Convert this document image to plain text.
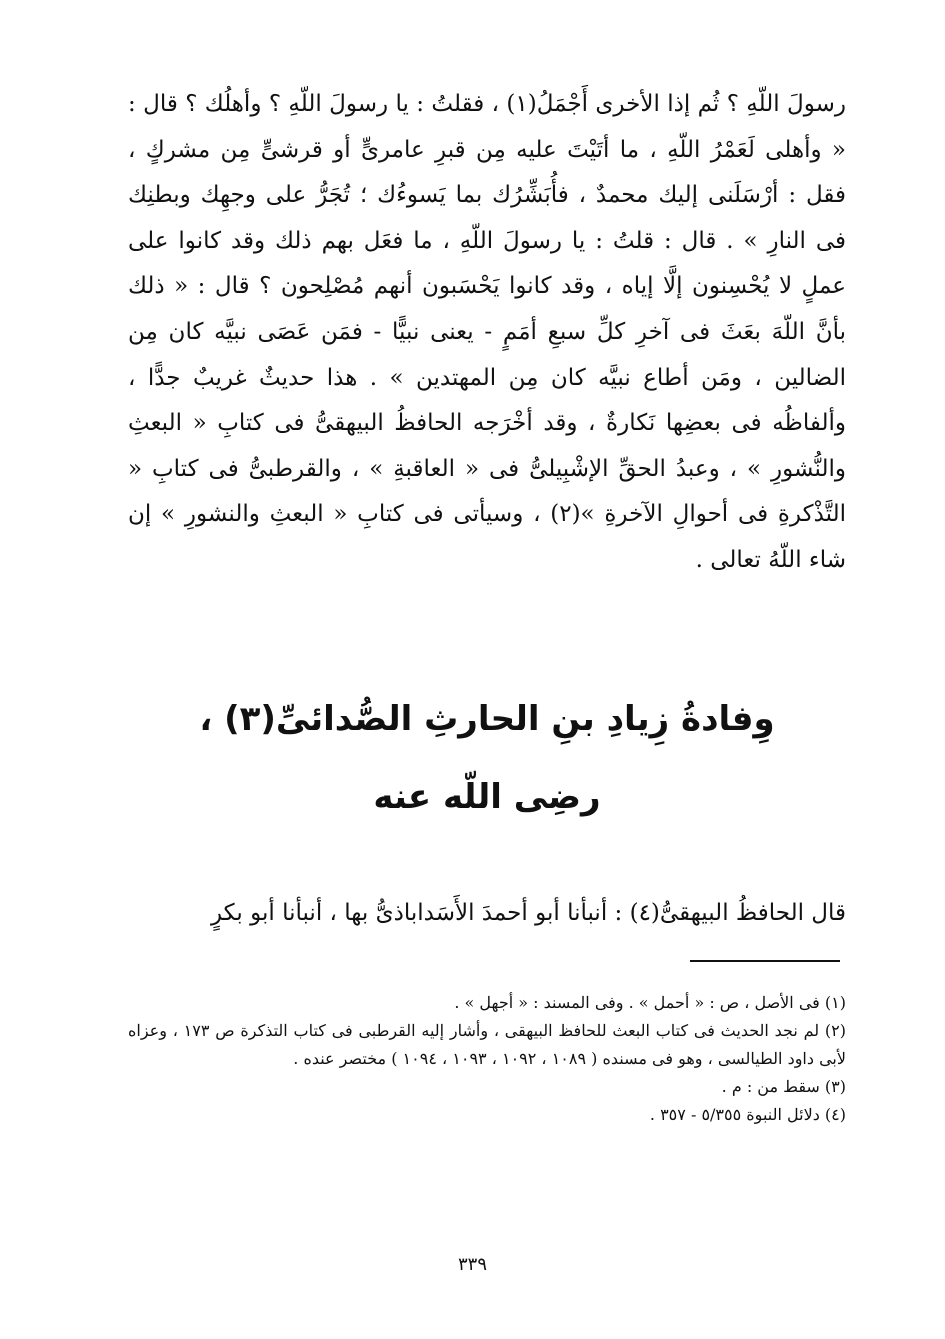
رسولَ اللّهِ ؟ ثُم إذا الأخرى أَجْمَلُ(١) ، فقلتُ : يا رسولَ اللّهِ ؟ وأهلُك ؟ قال : « وأهلى لَعَمْرُ اللّهِ ، ما أتَيْتَ عليه مِن قبرِ عامرىٍّ أو قرشىٍّ مِن مشركٍ ، فقل : أرْسَلَنى إليك محمدٌ ، فأُبَشِّرُك بما يَسوءُك ؛ تُجَرُّ على وجهِك وبطنِك فى النارِ » . قال : قلتُ : يا رسولَ اللّهِ ، ما فعَل بهم ذلك وقد كانوا على عملٍ لا يُحْسِنون إلَّا إياه ، وقد كانوا يَحْسَبون أنهم مُصْلِحون ؟ قال : « ذلك بأنَّ اللّهَ بعَثَ فى آخرِ كلِّ سبعِ أمَمٍ - يعنى نبيًّا - فمَن عَصَى نبيَّه كان مِن الضالين ، ومَن أطاع نبيَّه كان مِن المهتدين » . هذا حديثٌ غريبٌ جدًّا ، وألفاظُه فى بعضِها نَكارةٌ ، وقد أخْرَجه الحافظُ البيهقىُّ فى كتابِ « البعثِ والنُّشورِ » ، وعبدُ الحقِّ الإشْبِيلىُّ فى « العاقبةِ » ، والقرطبىُّ فى كتابِ « التَّذْكرةِ فى أحوالِ الآخرةِ »(٢) ، وسيأتى فى كتابِ « البعثِ والنشورِ » إن شاء اللّهُ تعالى .

وِفادةُ زِيادِ بنِ الحارثِ الصُّدائىِّ(٣) ،

رضِى اللّه عنه

قال الحافظُ البيهقىُّ(٤) : أنبأنا أبو أحمدَ الأَسَداباذىُّ بها ، أنبأنا أبو بكرٍ

(١) فى الأصل ، ص : « أحمل » . وفى المسند : « أجهل » .

(٢) لم نجد الحديث فى كتاب البعث للحافظ البيهقى ، وأشار إليه القرطبى فى كتاب التذكرة ص ١٧٣ ، وعزاه لأبى داود الطيالسى ، وهو فى مسنده ( ١٠٨٩ ، ١٠٩٢ ، ١٠٩٣ ، ١٠٩٤ ) مختصر عنده .

(٣) سقط من : م .

(٤) دلائل النبوة ٥/٣٥٥ - ٣٥٧ .

٣٣٩
